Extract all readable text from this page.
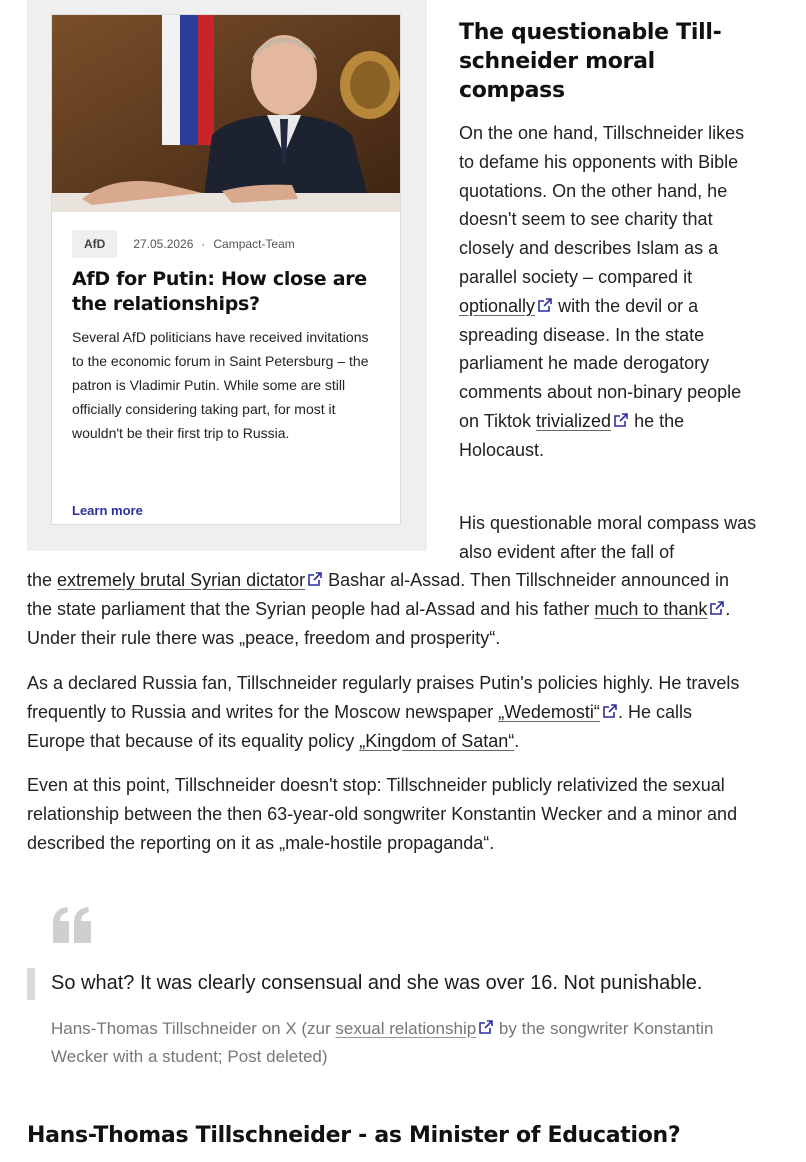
AfD	27.05.2026 · Campact-Team
AfD for Putin: How close are the relationships?

Several AfD politicians have received invitations to the economic forum in Saint Petersburg – the patron is Vladimir Putin. While some are still officially considering taking part, for most it wouldn't be their first trip to Russia.

Learn more
The questionable Tillschneider moral compass

On the one hand, Tillschneider likes to defame his opponents with Bible quotations. On the other hand, he doesn't seem to see charity that closely and describes Islam as a parallel society – compared it optionally with the devil or a spreading disease. In the state parliament he made derogatory comments about non-binary people on Tiktok trivialized he the Holocaust.

His questionable moral compass was also evident after the fall of

the extremely brutal Syrian dictator Bashar al-Assad. Then Tillschneider announced in the state parliament that the Syrian people had al-Assad and his father much to thank . Under their rule there was „peace, freedom and prosperity“.

As a declared Russia fan, Tillschneider regularly praises Putin's policies highly. He travels frequently to Russia and writes for the Moscow newspaper „Wedemosti“ . He calls Europe that because of its equality policy „Kingdom of Satan“.

Even at this point, Tillschneider doesn't stop: Tillschneider publicly relativized the sexual relationship between the then 63-year-old songwriter Konstantin Wecker and a minor and described the reporting on it as „male-hostile propaganda“.

So what? It was clearly consensual and she was over 16. Not punishable.

Hans-Thomas Tillschneider on X (zur sexual relationship by the songwriter Konstantin Wecker with a student; Post deleted)

Hans-Thomas Tillschneider - as Minister of Education?
